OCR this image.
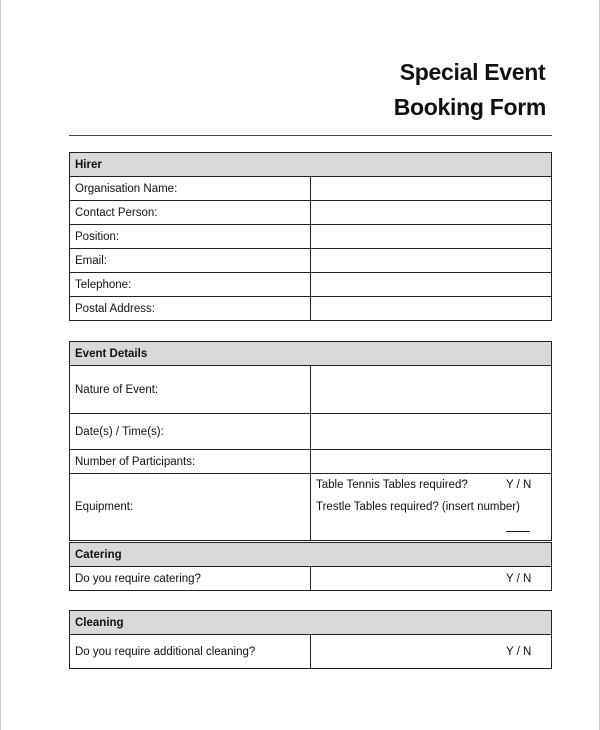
Special Event
Booking Form
Hirer	
Organisation Name:	
Contact Person:	
Position:	
Email:	
Telephone:	
Postal Address:	
Event Details	
Nature of Event:	
Date(s) / Time(s):	
Number of Participants:	
Equipment:	Table Tennis Tables required? Y / N
Trestle Tables required? (insert number)
Catering
Do you require catering?	Y / N
Cleaning
Do you require additional cleaning?	Y / N
